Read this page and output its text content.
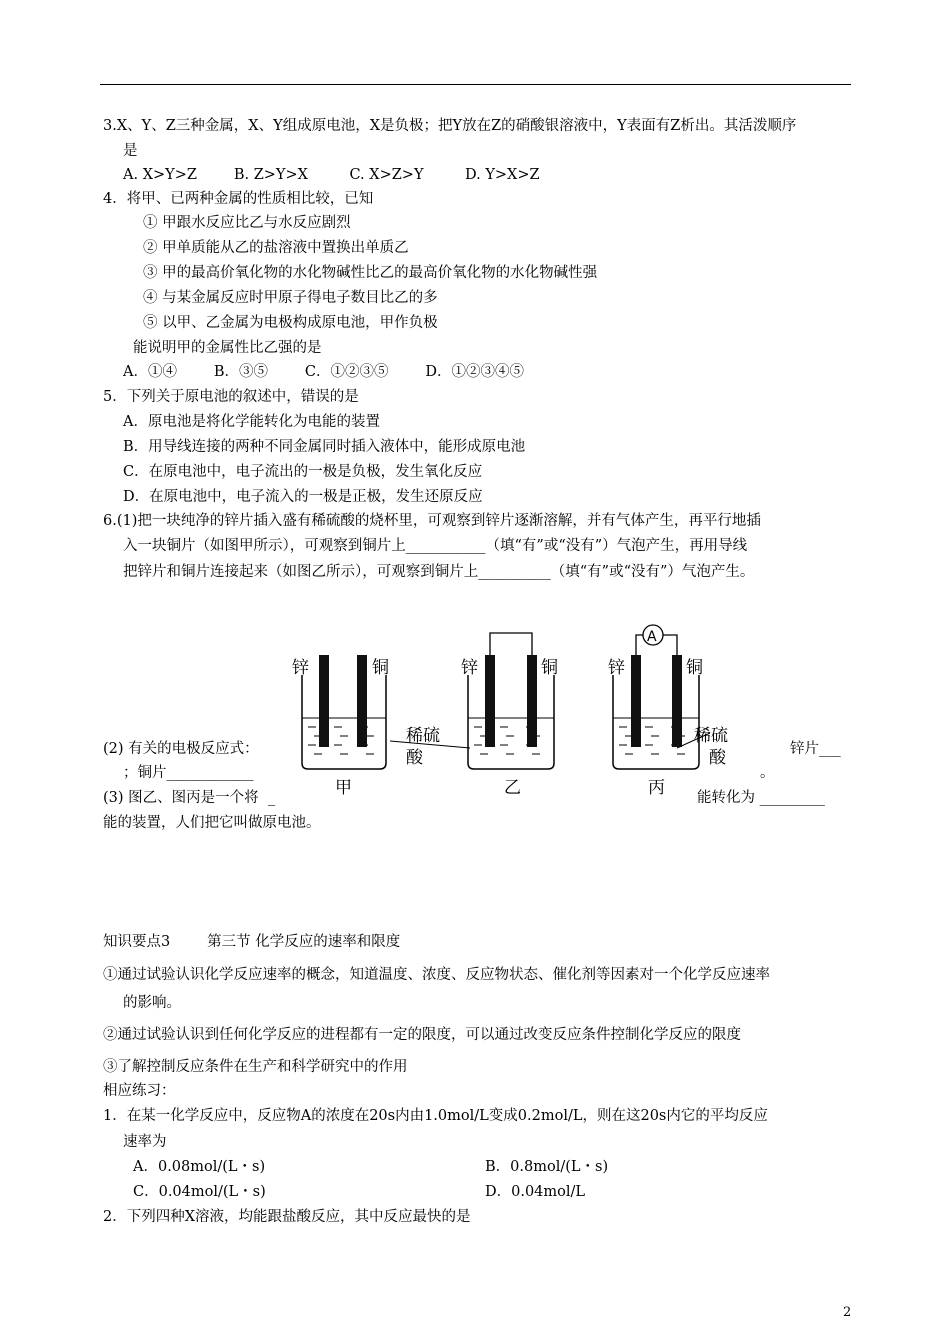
3.X、Y、Z三种金属，X、Y组成原电池，X是负极；把Y放在Z的硝酸银溶液中，Y表面有Z析出。其活泼顺序
是
A. X>Y>Z        B. Z>Y>X         C. X>Z>Y         D. Y>X>Z
4．将甲、已两种金属的性质相比较，已知
① 甲跟水反应比乙与水反应剧烈
② 甲单质能从乙的盐溶液中置换出单质乙
③ 甲的最高价氧化物的水化物碱性比乙的最高价氧化物的水化物碱性强
④ 与某金属反应时甲原子得电子数目比乙的多
⑤ 以甲、乙金属为电极构成原电池，甲作负极
能说明甲的金属性比乙强的是
A．①④        B．③⑤        C．①②③⑤        D．①②③④⑤
5．下列关于原电池的叙述中，错误的是
A．原电池是将化学能转化为电能的装置
B．用导线连接的两种不同金属同时插入液体中，能形成原电池
C．在原电池中，电子流出的一极是负极，发生氧化反应
D．在原电池中，电子流入的一极是正极，发生还原反应
6.(1)把一块纯净的锌片插入盛有稀硫酸的烧杯里，可观察到锌片逐渐溶解，并有气体产生，再平行地插
入一块铜片（如图甲所示），可观察到铜片上___________（填“有”或“没有”）气泡产生，再用导线
把锌片和铜片连接起来（如图乙所示），可观察到铜片上__________（填“有”或“没有”）气泡产生。
锌	铜
甲
稀硫
酸
锌	铜
乙
A
锌	铜
稀硫
酸
丙
(2) 有关的电极反应式：	锌片___
；铜片____________	。
(3) 图乙、图丙是一个将  _	能转化为 _________
能的装置，人们把它叫做原电池。
知识要点3        第三节 化学反应的速率和限度
①通过试验认识化学反应速率的概念，知道温度、浓度、反应物状态、催化剂等因素对一个化学反应速率
的影响。
②通过试验认识到任何化学反应的进程都有一定的限度，可以通过改变反应条件控制化学反应的限度
③了解控制反应条件在生产和科学研究中的作用
相应练习：
1．在某一化学反应中，反应物A的浓度在20s内由1.0mol/L变成0.2mol/L，则在这20s内它的平均反应
速率为
A．0.08mol/(L・s)	B．0.8mol/(L・s)
C．0.04mol/(L・s)	D．0.04mol/L
2．下列四种X溶液，均能跟盐酸反应，其中反应最快的是
2
